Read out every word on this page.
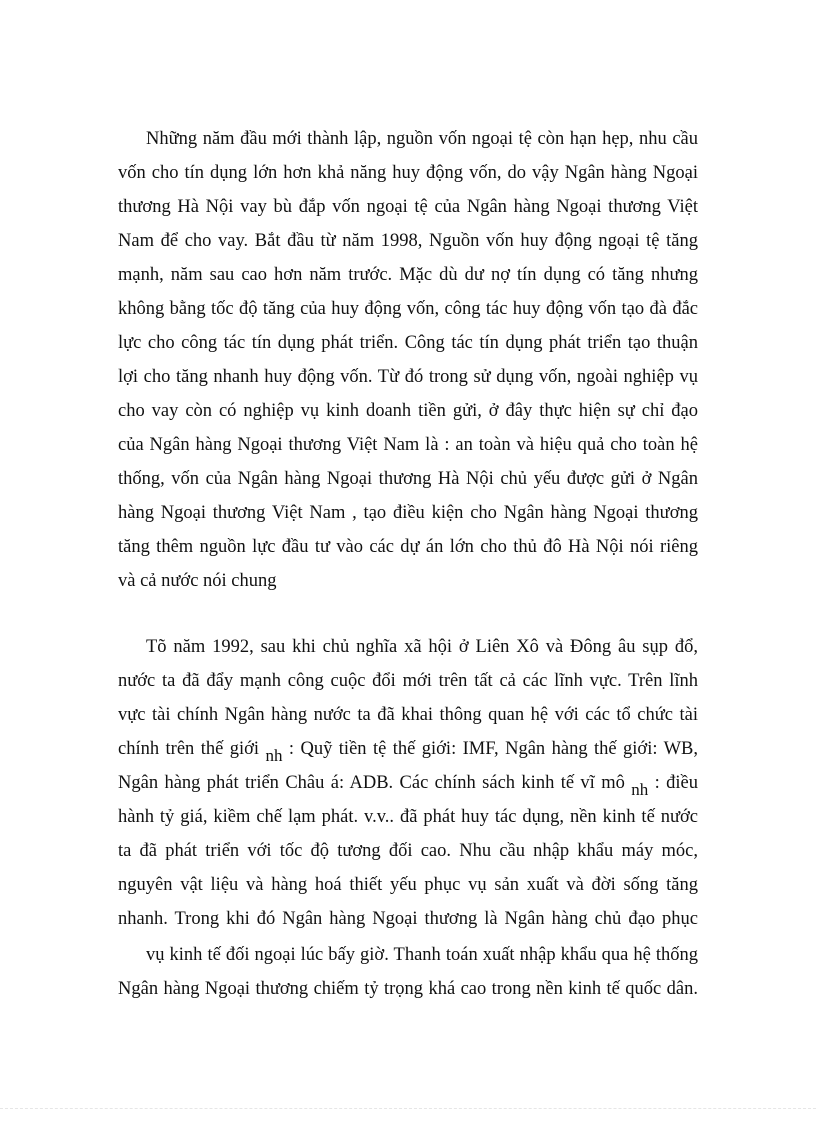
Những năm đầu mới thành lập, nguồn vốn ngoại tệ còn hạn hẹp, nhu cầu
vốn cho tín dụng lớn hơn khả năng huy động vốn, do vậy Ngân hàng Ngoại
thương Hà Nội vay bù đắp vốn ngoại tệ của Ngân hàng Ngoại thương Việt
Nam để cho vay. Bắt đầu từ năm 1998, Nguồn vốn huy động ngoại tệ tăng
mạnh, năm sau cao hơn năm trước. Mặc dù dư nợ tín dụng có tăng nhưng
không bằng tốc độ tăng của huy động vốn, công tác huy động vốn tạo đà đắc
lực cho công tác tín dụng phát triển. Công tác tín dụng phát triển tạo thuận
lợi cho tăng nhanh huy động vốn. Từ đó trong sử dụng vốn, ngoài nghiệp vụ
cho vay còn có nghiệp vụ kinh doanh tiền gửi, ở đây thực hiện sự chỉ đạo
của Ngân hàng Ngoại thương Việt Nam là : an toàn và hiệu quả cho toàn hệ
thống, vốn của Ngân hàng Ngoại thương Hà Nội chủ yếu được gửi ở Ngân
hàng Ngoại thương Việt Nam , tạo điều kiện cho Ngân hàng Ngoại thương
tăng thêm nguồn lực đầu tư vào các dự án lớn cho thủ đô Hà Nội nói riêng
và cả nước nói chung
Tõ năm 1992, sau khi chủ nghĩa xã hội ở Liên Xô và Đông âu sụp đổ,
nước ta đã đẩy mạnh công cuộc đổi mới trên tất cả các lĩnh vực. Trên lĩnh
vực tài chính Ngân hàng nước ta đã khai thông quan hệ với các tổ chức tài
chính trên thế giới nh : Quỹ tiền tệ thế giới: IMF, Ngân hàng thế giới: WB,
Ngân hàng phát triển Châu á: ADB. Các chính sách kinh tế vĩ mô nh : điều
hành tỷ giá, kiềm chế lạm phát. v.v.. đã phát huy tác dụng, nền kinh tế nước
ta đã phát triển với tốc độ tương đối cao. Nhu cầu nhập khẩu máy móc,
nguyên vật liệu và hàng hoá thiết yếu phục vụ sản xuất và đời sống tăng
nhanh. Trong khi đó Ngân hàng Ngoại thương là Ngân hàng chủ đạo phục
vụ kinh tế đối ngoại lúc bấy giờ. Thanh toán xuất nhập khẩu qua hệ thống
Ngân hàng Ngoại thương chiếm tỷ trọng khá cao trong nền kinh tế quốc dân.
